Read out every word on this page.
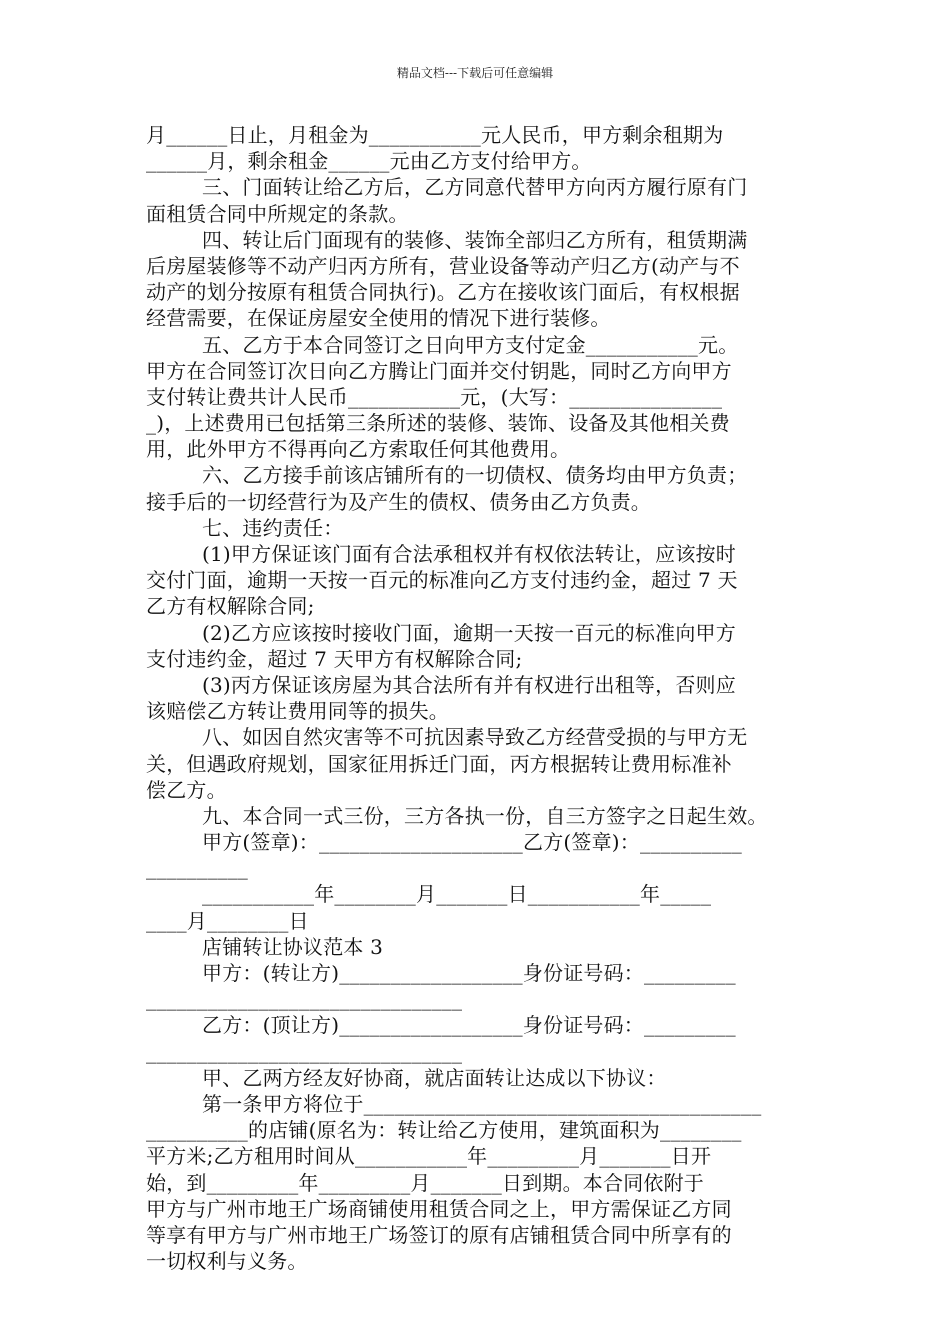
精品文档---下载后可任意编辑
月______日止，月租金为___________元人民币，甲方剩余租期为
______月，剩余租金______元由乙方支付给甲方。
三、门面转让给乙方后，乙方同意代替甲方向丙方履行原有门
面租赁合同中所规定的条款。
四、转让后门面现有的装修、装饰全部归乙方所有，租赁期满
后房屋装修等不动产归丙方所有，营业设备等动产归乙方(动产与不
动产的划分按原有租赁合同执行)。乙方在接收该门面后，有权根据
经营需要，在保证房屋安全使用的情况下进行装修。
五、乙方于本合同签订之日向甲方支付定金___________元。
甲方在合同签订次日向乙方腾让门面并交付钥匙，同时乙方向甲方
支付转让费共计人民币___________元，(大写：_______________
_)，上述费用已包括第三条所述的装修、装饰、设备及其他相关费
用，此外甲方不得再向乙方索取任何其他费用。
六、乙方接手前该店铺所有的一切债权、债务均由甲方负责；
接手后的一切经营行为及产生的债权、债务由乙方负责。
七、违约责任：
(1)甲方保证该门面有合法承租权并有权依法转让，应该按时
交付门面，逾期一天按一百元的标准向乙方支付违约金，超过 7 天
乙方有权解除合同;
(2)乙方应该按时接收门面，逾期一天按一百元的标准向甲方
支付违约金，超过 7 天甲方有权解除合同;
(3)丙方保证该房屋为其合法所有并有权进行出租等，否则应
该赔偿乙方转让费用同等的损失。
八、如因自然灾害等不可抗因素导致乙方经营受损的与甲方无
关，但遇政府规划，国家征用拆迁门面，丙方根据转让费用标准补
偿乙方。
九、本合同一式三份，三方各执一份，自三方签字之日起生效。
甲方(签章)：____________________乙方(签章)：__________
__________
___________年________月_______日___________年_____
____月________日
店铺转让协议范本 3
甲方：(转让方)__________________身份证号码：_________
_______________________________
乙方：(顶让方)__________________身份证号码：_________
_______________________________
甲、乙两方经友好协商，就店面转让达成以下协议：
第一条甲方将位于_______________________________________
__________的店铺(原名为：转让给乙方使用，建筑面积为________
平方米;乙方租用时间从___________年_________月_______日开
始，到_________年_________月_______日到期。本合同依附于
甲方与广州市地王广场商铺使用租赁合同之上，甲方需保证乙方同
等享有甲方与广州市地王广场签订的原有店铺租赁合同中所享有的
一切权利与义务。
